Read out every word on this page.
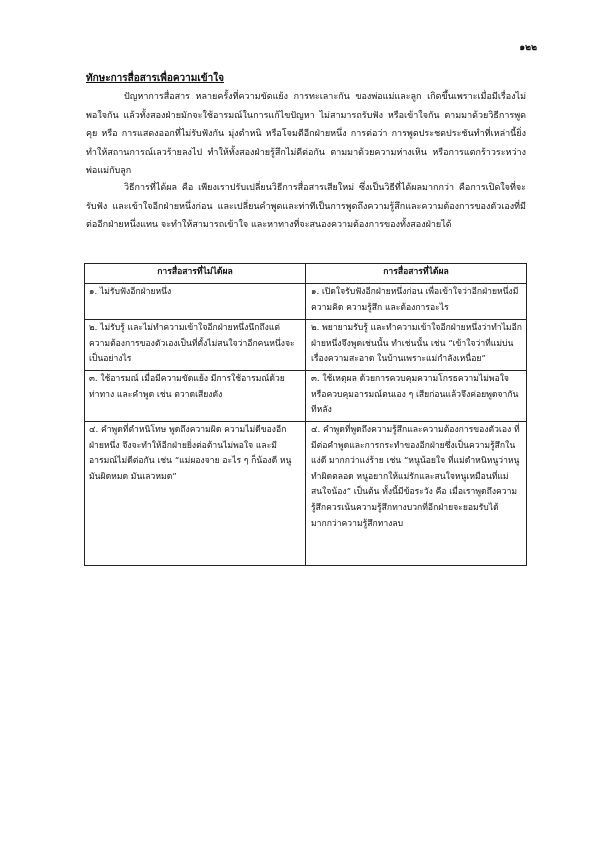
๑๒๒
ทักษะการสื่อสารเพื่อความเข้าใจ

ปัญหาการสื่อสาร หลายครั้งที่ความขัดแย้ง การทะเลาะกัน ของพ่อแม่และลูก เกิดขึ้นเพราะเมื่อมีเรื่องไม่พอใจกัน แล้วทั้งสองฝ่ายมักจะใช้อารมณ์ในการแก้ไขปัญหา ไม่สามารถรับฟัง หรือเข้าใจกัน ตามมาด้วยวิธีการพูดคุย หรือ การแสดงออกที่ไม่รับฟังกัน มุ่งตำหนิ หรือโจมตีอีกฝ่ายหนึ่ง การต่อว่า การพูดประชดประชันทำที่เหล่านี้ยิ่งทำให้สถานการณ์เลวร้ายลงไป ทำให้ทั้งสองฝ่ายรู้สึกไม่ดีต่อกัน ตามมาด้วยความห่างเหิน หรือการแตกร้าวระหว่างพ่อแม่กับลูก

วิธีการที่ได้ผล คือ เพียงเราปรับเปลี่ยนวิธีการสื่อสารเสียใหม่ ซึ่งเป็นวิธีที่ได้ผลมากกว่า คือการเปิดใจที่จะรับฟัง และเข้าใจอีกฝ่ายหนึ่งก่อน และเปลี่ยนคำพูดและท่าทีเป็นการพูดถึงความรู้สึกและความต้องการของตัวเองที่มีต่ออีกฝ่ายหนึ่งแทน จะทำให้สามารถเข้าใจ และหาทางที่จะสนองความต้องการของทั้งสองฝ่ายได้

การสื่อสารที่ไม่ได้ผล	การสื่อสารที่ได้ผล
๑. ไม่รับฟังอีกฝ่ายหนึ่ง	๑. เปิดใจรับฟังอีกฝ่ายหนึ่งก่อน เพื่อเข้าใจว่าอีกฝ่ายหนึ่งมีความคิด ความรู้สึก และต้องการอะไร
๒. ไม่รับรู้ และไม่ทำความเข้าใจอีกฝ่ายหนึ่งนึกถึงแต่ความต้องการของตัวเองเป็นที่ตั้งไม่สนใจว่าอีกคนหนึ่งจะเป็นอย่างไร	๒. พยายามรับรู้ และทำความเข้าใจอีกฝ่ายหนึ่งว่าทำไมอีกฝ่ายหนึ่งจึงพูดเช่นนั้น ทำเช่นนั้น เช่น “เข้าใจว่าที่แม่บ่นเรื่องความสะอาด ในบ้านเพราะแม่กำลังเหนื่อย”
๓. ใช้อารมณ์ เมื่อมีความขัดแย้ง มีการใช้อารมณ์ด้วยท่าทาง และคำพูด เช่น ตวาดเสียงดัง	๓. ใช้เหตุผล ด้วยการควบคุมความโกรธความไม่พอใจหรือควบคุมอารมณ์ตนเอง ๆ เสียก่อนแล้วจึงค่อยพูดจากันทีหลัง
๔. คำพูดที่ตำหนิโทษ พูดถึงความผิด ความไม่ดีของอีกฝ่ายหนึ่ง จึงจะทำให้อีกฝ่ายยิ่งต่อต้านไม่พอใจ และมีอารมณ์ไม่ดีต่อกัน เช่น “แม่ผองจาย อะไร ๆ ก็น้องดี หนูมันผิดหมด มันเลวหมด”	๔. คำพูดที่พูดถึงความรู้สึกและความต้องการของตัวเอง ที่มีต่อคำพูดและการกระทำของอีกฝ่ายซึ่งเป็นความรู้สึกในแง่ดี มากกว่าแง่ร้าย เช่น “หนูน้อยใจ ที่แม่ดำหนิหนูว่าหนูทำผิดตลอด หนูอยากให้แม่รักและสนใจหนูเหมือนที่แม่สนใจน้อง” เป็นต้น ทั้งนี้มีข้อระวัง คือ เมื่อเราพูดถึงความรู้สึกควรเน้นความรู้สึกทางบวกที่อีกฝ่ายจะยอมรับได้มากกว่าความรู้สึกทางลบ
